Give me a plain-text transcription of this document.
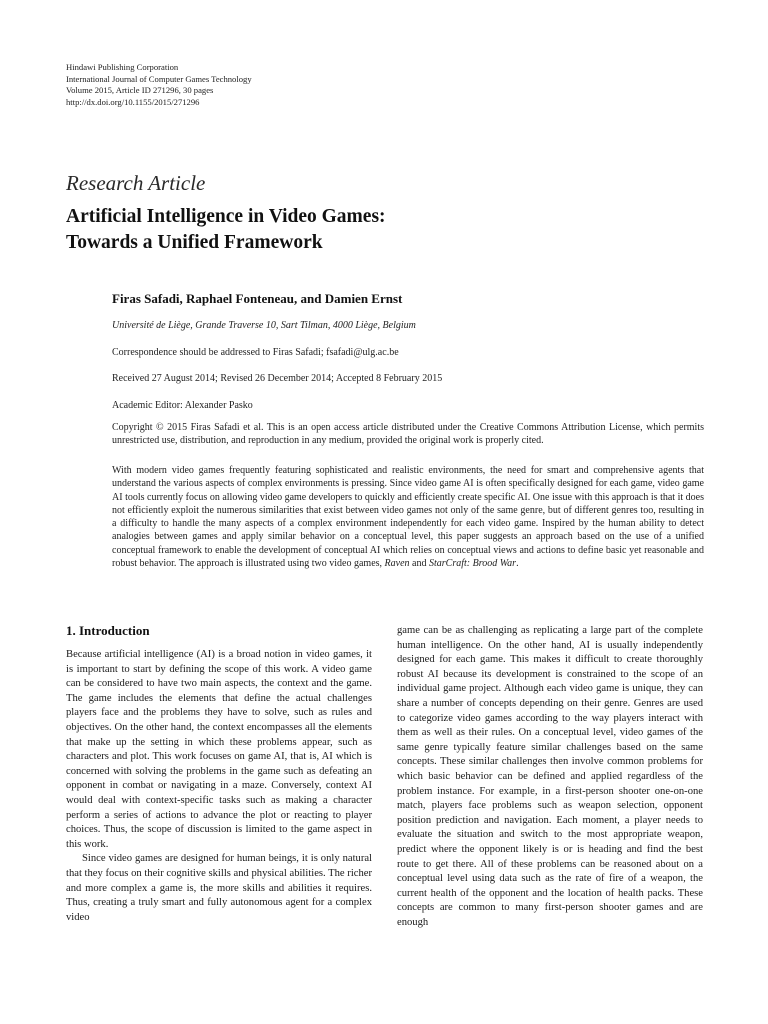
Hindawi Publishing Corporation
International Journal of Computer Games Technology
Volume 2015, Article ID 271296, 30 pages
http://dx.doi.org/10.1155/2015/271296
Research Article
Artificial Intelligence in Video Games:
Towards a Unified Framework
Firas Safadi, Raphael Fonteneau, and Damien Ernst
Université de Liège, Grande Traverse 10, Sart Tilman, 4000 Liège, Belgium
Correspondence should be addressed to Firas Safadi; fsafadi@ulg.ac.be
Received 27 August 2014; Revised 26 December 2014; Accepted 8 February 2015
Academic Editor: Alexander Pasko
Copyright © 2015 Firas Safadi et al. This is an open access article distributed under the Creative Commons Attribution License, which permits unrestricted use, distribution, and reproduction in any medium, provided the original work is properly cited.
With modern video games frequently featuring sophisticated and realistic environments, the need for smart and comprehensive agents that understand the various aspects of complex environments is pressing. Since video game AI is often specifically designed for each game, video game AI tools currently focus on allowing video game developers to quickly and efficiently create specific AI. One issue with this approach is that it does not efficiently exploit the numerous similarities that exist between video games not only of the same genre, but of different genres too, resulting in a difficulty to handle the many aspects of a complex environment independently for each video game. Inspired by the human ability to detect analogies between games and apply similar behavior on a conceptual level, this paper suggests an approach based on the use of a unified conceptual framework to enable the development of conceptual AI which relies on conceptual views and actions to define basic yet reasonable and robust behavior. The approach is illustrated using two video games, Raven and StarCraft: Brood War.
1. Introduction

Because artificial intelligence (AI) is a broad notion in video games, it is important to start by defining the scope of this work. A video game can be considered to have two main aspects, the context and the game. The game includes the elements that define the actual challenges players face and the problems they have to solve, such as rules and objectives. On the other hand, the context encompasses all the elements that make up the setting in which these problems appear, such as characters and plot. This work focuses on game AI, that is, AI which is concerned with solving the problems in the game such as defeating an opponent in combat or navigating in a maze. Conversely, context AI would deal with context-specific tasks such as making a character perform a series of actions to advance the plot or reacting to player choices. Thus, the scope of discussion is limited to the game aspect in this work.

Since video games are designed for human beings, it is only natural that they focus on their cognitive skills and physical abilities. The richer and more complex a game is, the more skills and abilities it requires. Thus, creating a truly smart and fully autonomous agent for a complex video

game can be as challenging as replicating a large part of the complete human intelligence. On the other hand, AI is usually independently designed for each game. This makes it difficult to create thoroughly robust AI because its development is constrained to the scope of an individual game project. Although each video game is unique, they can share a number of concepts depending on their genre. Genres are used to categorize video games according to the way players interact with them as well as their rules. On a conceptual level, video games of the same genre typically feature similar challenges based on the same concepts. These similar challenges then involve common problems for which basic behavior can be defined and applied regardless of the problem instance. For example, in a first-person shooter one-on-one match, players face problems such as weapon selection, opponent position prediction and navigation. Each moment, a player needs to evaluate the situation and switch to the most appropriate weapon, predict where the opponent likely is or is heading and find the best route to get there. All of these problems can be reasoned about on a conceptual level using data such as the rate of fire of a weapon, the current health of the opponent and the location of health packs. These concepts are common to many first-person shooter games and are enough
